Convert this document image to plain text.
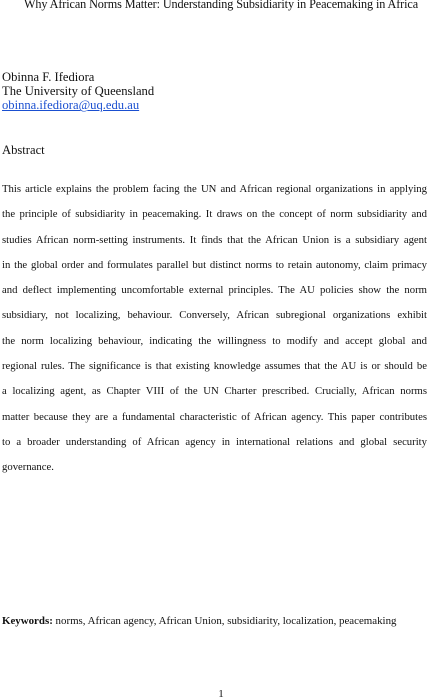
Why African Norms Matter: Understanding Subsidiarity in Peacemaking in Africa
Obinna F. Ifediora
The University of Queensland
obinna.ifediora@uq.edu.au
Abstract
This article explains the problem facing the UN and African regional organizations in applying
the principle of subsidiarity in peacemaking. It draws on the concept of norm subsidiarity and
studies African norm-setting instruments. It finds that the African Union is a subsidiary agent
in the global order and formulates parallel but distinct norms to retain autonomy, claim primacy
and deflect implementing uncomfortable external principles. The AU policies show the norm
subsidiary, not localizing, behaviour. Conversely, African subregional organizations exhibit
the norm localizing behaviour, indicating the willingness to modify and accept global and
regional rules. The significance is that existing knowledge assumes that the AU is or should be
a localizing agent, as Chapter VIII of the UN Charter prescribed. Crucially, African norms
matter because they are a fundamental characteristic of African agency. This paper contributes
to a broader understanding of African agency in international relations and global security
governance.
Keywords: norms, African agency, African Union, subsidiarity, localization, peacemaking
1
